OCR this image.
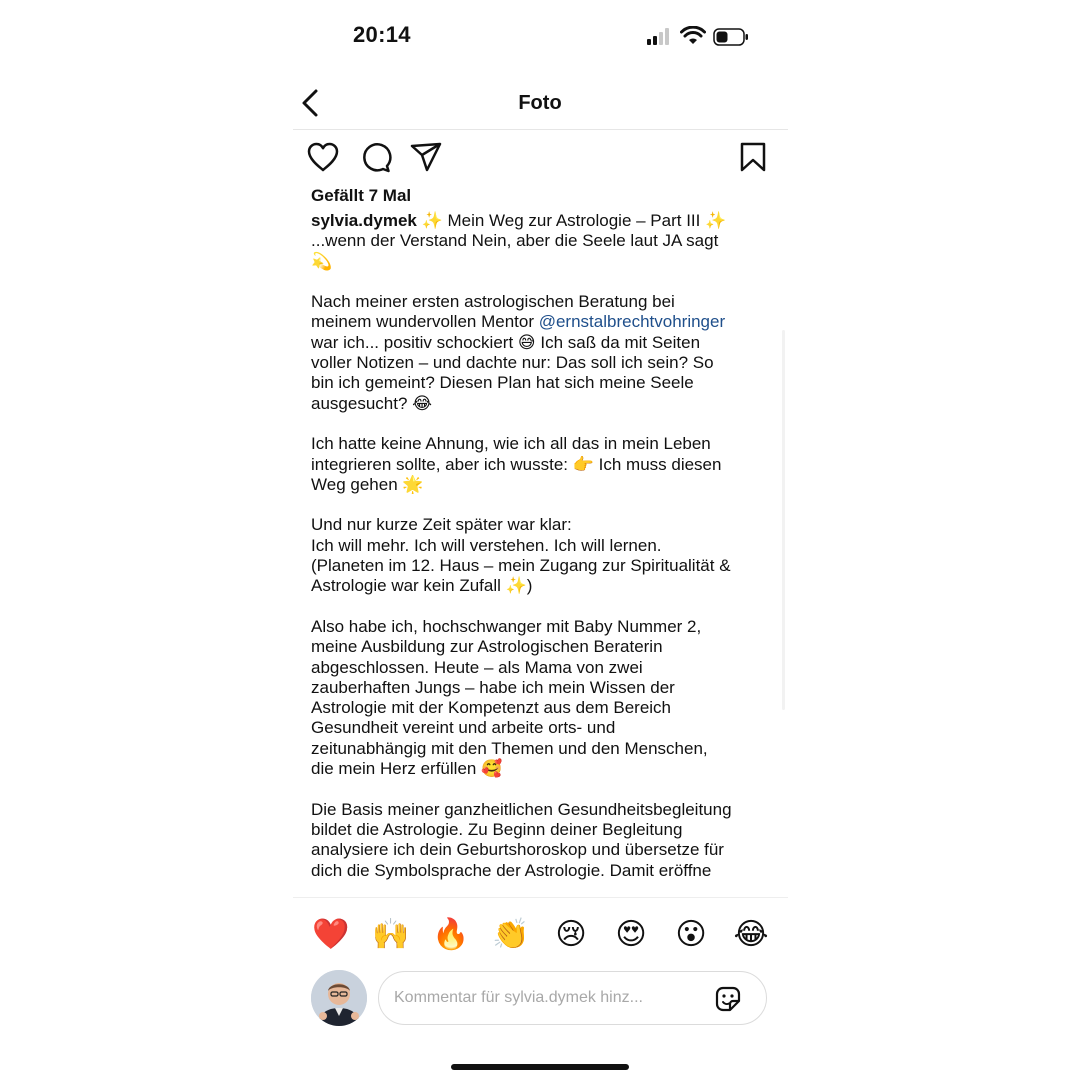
20:14
Foto
Gefällt 7 Mal
sylvia.dymek ✨ Mein Weg zur Astrologie – Part III ✨
...wenn der Verstand Nein, aber die Seele laut JA sagt
💫

Nach meiner ersten astrologischen Beratung bei
meinem wundervollen Mentor @ernstalbrechtvohringer
war ich... positiv schockiert 😅 Ich saß da mit Seiten
voller Notizen – und dachte nur: Das soll ich sein? So
bin ich gemeint? Diesen Plan hat sich meine Seele
ausgesucht? 😂

Ich hatte keine Ahnung, wie ich all das in mein Leben
integrieren sollte, aber ich wusste: 👉 Ich muss diesen
Weg gehen 🌟

Und nur kurze Zeit später war klar:
Ich will mehr. Ich will verstehen. Ich will lernen.
(Planeten im 12. Haus – mein Zugang zur Spiritualität &
Astrologie war kein Zufall ✨)

Also habe ich, hochschwanger mit Baby Nummer 2,
meine Ausbildung zur Astrologischen Beraterin
abgeschlossen. Heute – als Mama von zwei
zauberhaften Jungs – habe ich mein Wissen der
Astrologie mit der Kompetenzt aus dem Bereich
Gesundheit vereint und arbeite orts- und
zeitunabhängig mit den Themen und den Menschen,
die mein Herz erfüllen 🥰

Die Basis meiner ganzheitlichen Gesundheitsbegleitung
bildet die Astrologie. Zu Beginn deiner Begleitung
analysiere ich dein Geburtshoroskop und übersetze für
dich die Symbolsprache der Astrologie. Damit eröffne
❤️ 🙌 🔥 👏 😢 😍 😮 😂
Kommentar für sylvia.dymek hinz...
